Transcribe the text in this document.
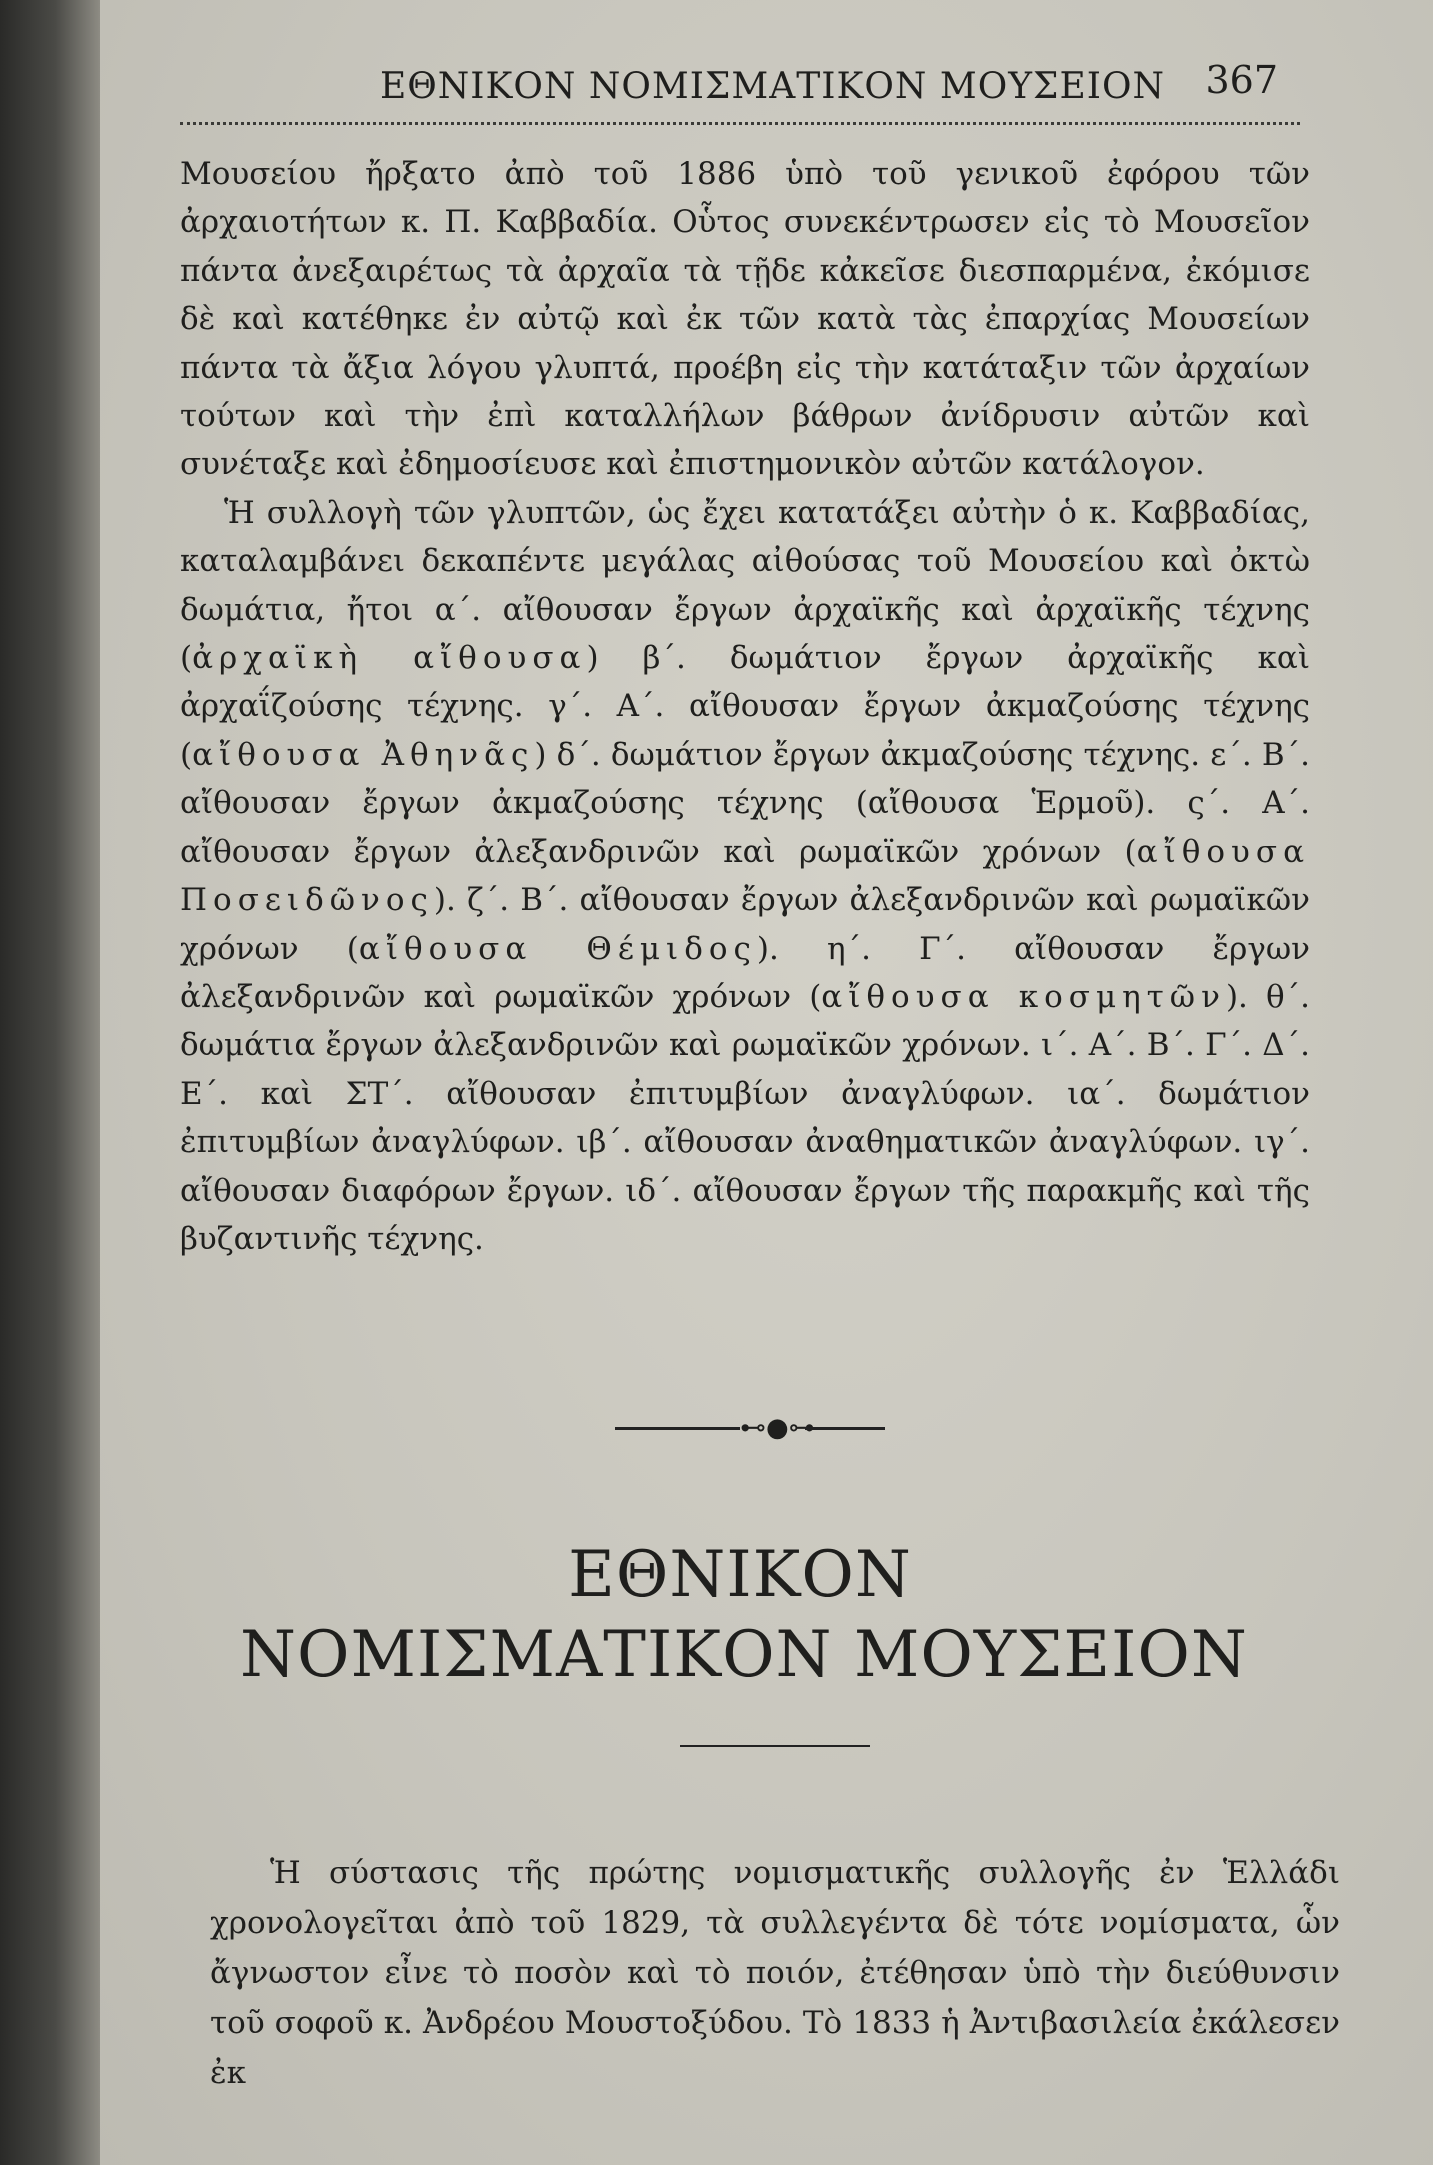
ΕΘΝΙΚΟΝ ΝΟΜΙΣΜΑΤΙΚΟΝ ΜΟΥΣΕΙΟΝ 367

Μουσείου ἤρξατο ἀπὸ τοῦ 1886 ὑπὸ τοῦ γενικοῦ ἐφόρου τῶν ἀρχαιοτήτων κ. Π. Καββαδία. Οὗτος συνεκέντρωσεν εἰς τὸ Μουσεῖον πάντα ἀνεξαιρέτως τὰ ἀρχαῖα τὰ τῇδε κἀκεῖσε διεσπαρμένα, ἐκόμισε δὲ καὶ κατέθηκε ἐν αὐτῷ καὶ ἐκ τῶν κατὰ τὰς ἐπαρχίας Μουσείων πάντα τὰ ἄξια λόγου γλυπτά, προέβη εἰς τὴν κατάταξιν τῶν ἀρχαίων τούτων καὶ τὴν ἐπὶ καταλλήλων βάθρων ἀνίδρυσιν αὐτῶν καὶ συνέταξε καὶ ἐδημοσίευσε καὶ ἐπιστημονικὸν αὐτῶν κατάλογον.

Ἡ συλλογὴ τῶν γλυπτῶν, ὡς ἔχει κατατάξει αὐτὴν ὁ κ. Καββαδίας, καταλαμβάνει δεκαπέντε μεγάλας αἰθούσας τοῦ Μουσείου καὶ ὀκτὼ δωμάτια, ἤτοι α΄. αἴθουσαν ἔργων ἀρχαϊκῆς καὶ ἀρχαϊκῆς τέχνης (ἀρχαϊκὴ αἴθουσα) β΄. δωμάτιον ἔργων ἀρχαϊκῆς καὶ ἀρχαΐζούσης τέχνης. γ΄. Α΄. αἴθουσαν ἔργων ἀκμαζούσης τέχνης (αἴθουσα Ἀθηνᾶς) δ΄. δωμάτιον ἔργων ἀκμαζούσης τέχνης. ε΄. Β΄. αἴθουσαν ἔργων ἀκμαζούσης τέχνης (αἴθουσα Ἑρμοῦ). ς΄. Α΄. αἴθουσαν ἔργων ἀλεξανδρινῶν καὶ ρωμαϊκῶν χρόνων (αἴθουσα Ποσειδῶνος). ζ΄. Β΄. αἴθουσαν ἔργων ἀλεξανδρινῶν καὶ ρωμαϊκῶν χρόνων (αἴθουσα Θέμιδος). η΄. Γ΄. αἴθουσαν ἔργων ἀλεξανδρινῶν καὶ ρωμαϊκῶν χρόνων (αἴθουσα κοσμητῶν). θ΄. δωμάτια ἔργων ἀλεξανδρινῶν καὶ ρωμαϊκῶν χρόνων. ι΄. Α΄. Β΄. Γ΄. Δ΄. Ε΄. καὶ ΣΤ΄. αἴθουσαν ἐπιτυμβίων ἀναγλύφων. ια΄. δωμάτιον ἐπιτυμβίων ἀναγλύφων. ιβ΄. αἴθουσαν ἀναθηματικῶν ἀναγλύφων. ιγ΄. αἴθουσαν διαφόρων ἔργων. ιδ΄. αἴθουσαν ἔργων τῆς παρακμῆς καὶ τῆς βυζαντινῆς τέχνης.

⊷●⊶
ΕΘΝΙΚΟΝ
ΝΟΜΙΣΜΑΤΙΚΟΝ ΜΟΥΣΕΙΟΝ

Ἡ σύστασις τῆς πρώτης νομισματικῆς συλλογῆς ἐν Ἑλλάδι χρονολογεῖται ἀπὸ τοῦ 1829, τὰ συλλεγέντα δὲ τότε νομίσματα, ὧν ἄγνωστον εἶνε τὸ ποσὸν καὶ τὸ ποιόν, ἐτέθησαν ὑπὸ τὴν διεύθυνσιν τοῦ σοφοῦ κ. Ἀνδρέου Μουστοξύδου. Τὸ 1833 ἡ Ἀντιβασιλεία ἐκάλεσεν ἐκ
